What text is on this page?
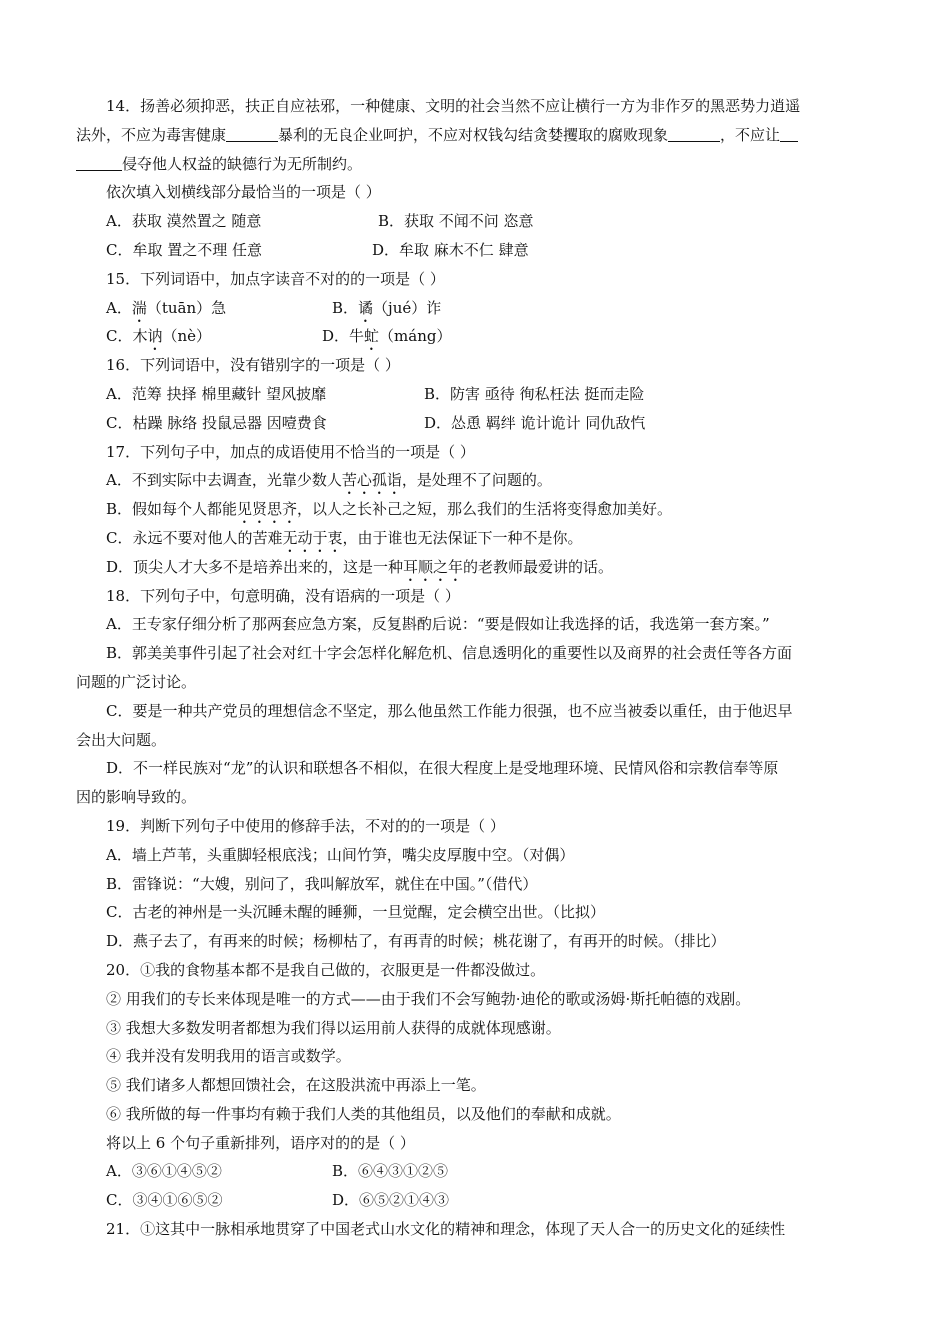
14．扬善必须抑恶，扶正自应祛邪，一种健康、文明的社会当然不应让横行一方为非作歹的黑恶势力逍遥
法外，不应为毒害健康	暴利的无良企业呵护，不应对权钱勾结贪婪攫取的腐败现象	，不应让
侵夺他人权益的缺德行为无所制约。
依次填入划横线部分最恰当的一项是（ ）
A．获取 漠然置之 随意	B．获取 不闻不问 恣意
C．牟取 置之不理 任意	D．牟取 麻木不仁 肆意
15．下列词语中，加点字读音不对的的一项是（ ）
A．湍（tuān）急	B．谲（jué）诈
C．木讷（nè）	D．牛虻（máng）
16．下列词语中，没有错别字的一项是（ ）
A．范筹 抉择 棉里藏针 望风披靡	B．防害 亟待 徇私枉法 挺而走险
C．枯躁 脉络 投鼠忌器 因噎费食	D．怂恿 羁绊 诡计诡计 同仇敌忾
17．下列句子中，加点的成语使用不恰当的一项是（ ）
A．不到实际中去调查，光靠少数人苦心孤诣，是处理不了问题的。
B．假如每个人都能见贤思齐，以人之长补己之短，那么我们的生活将变得愈加美好。
C．永远不要对他人的苦难无动于衷，由于谁也无法保证下一种不是你。
D．顶尖人才大多不是培养出来的，这是一种耳顺之年的老教师最爱讲的话。
18．下列句子中，句意明确，没有语病的一项是（ ）
A．王专家仔细分析了那两套应急方案，反复斟酌后说：“要是假如让我选择的话，我选第一套方案。”
B．郭美美事件引起了社会对红十字会怎样化解危机、信息透明化的重要性以及商界的社会责任等各方面
问题的广泛讨论。
C．要是一种共产党员的理想信念不坚定，那么他虽然工作能力很强，也不应当被委以重任，由于他迟早
会出大问题。
D．不一样民族对“龙”的认识和联想各不相似，在很大程度上是受地理环境、民情风俗和宗教信奉等原
因的影响导致的。
19．判断下列句子中使用的修辞手法，不对的的一项是（ ）
A．墙上芦苇，头重脚轻根底浅；山间竹笋，嘴尖皮厚腹中空。（对偶）
B．雷锋说：“大嫂，别问了，我叫解放军，就住在中国。”（借代）
C．古老的神州是一头沉睡未醒的睡狮，一旦觉醒，定会横空出世。（比拟）
D．燕子去了，有再来的时候；杨柳枯了，有再青的时候；桃花谢了，有再开的时候。（排比）
20．①我的食物基本都不是我自己做的，衣服更是一件都没做过。
② 用我们的专长来体现是唯一的方式——由于我们不会写鲍勃·迪伦的歌或汤姆·斯托帕德的戏剧。
③ 我想大多数发明者都想为我们得以运用前人获得的成就体现感谢。
④ 我并没有发明我用的语言或数学。
⑤ 我们诸多人都想回馈社会，在这股洪流中再添上一笔。
⑥ 我所做的每一件事均有赖于我们人类的其他组员，以及他们的奉献和成就。
将以上 6 个句子重新排列，语序对的的是（ ）
A．③⑥①④⑤②	B．⑥④③①②⑤
C．③④①⑥⑤②	D．⑥⑤②①④③
21．①这其中一脉相承地贯穿了中国老式山水文化的精神和理念，体现了天人合一的历史文化的延续性
